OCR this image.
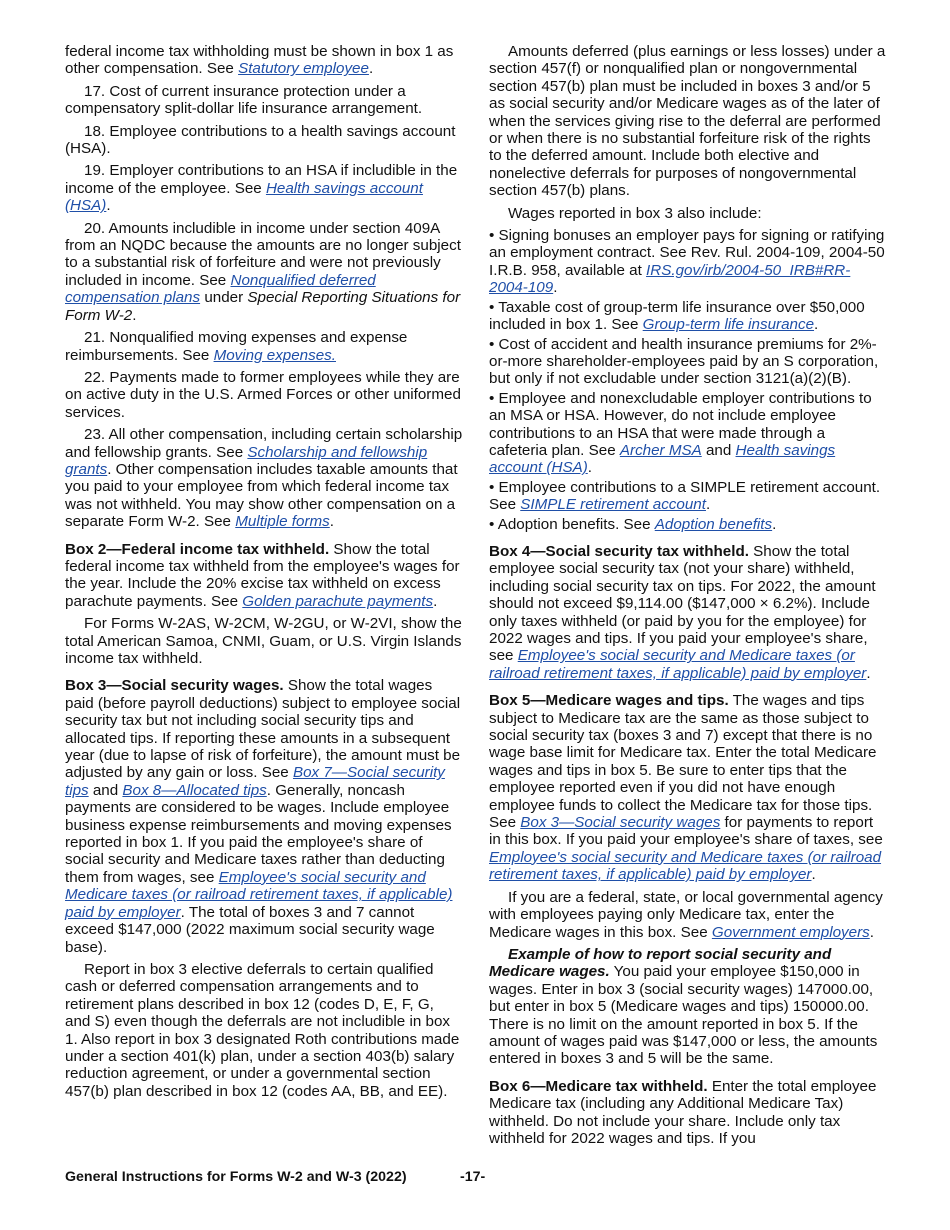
federal income tax withholding must be shown in box 1 as other compensation. See Statutory employee.

17. Cost of current insurance protection under a compensatory split-dollar life insurance arrangement.

18. Employee contributions to a health savings account (HSA).

19. Employer contributions to an HSA if includible in the income of the employee. See Health savings account (HSA).

20. Amounts includible in income under section 409A from an NQDC because the amounts are no longer subject to a substantial risk of forfeiture and were not previously included in income. See Nonqualified deferred compensation plans under Special Reporting Situations for Form W-2.

21. Nonqualified moving expenses and expense reimbursements. See Moving expenses.

22. Payments made to former employees while they are on active duty in the U.S. Armed Forces or other uniformed services.

23. All other compensation, including certain scholarship and fellowship grants. See Scholarship and fellowship grants. Other compensation includes taxable amounts that you paid to your employee from which federal income tax was not withheld. You may show other compensation on a separate Form W-2. See Multiple forms.

Box 2—Federal income tax withheld. Show the total federal income tax withheld from the employee's wages for the year. Include the 20% excise tax withheld on excess parachute payments. See Golden parachute payments.

For Forms W-2AS, W-2CM, W-2GU, or W-2VI, show the total American Samoa, CNMI, Guam, or U.S. Virgin Islands income tax withheld.

Box 3—Social security wages. Show the total wages paid (before payroll deductions) subject to employee social security tax but not including social security tips and allocated tips. If reporting these amounts in a subsequent year (due to lapse of risk of forfeiture), the amount must be adjusted by any gain or loss. See Box 7—Social security tips and Box 8—Allocated tips. Generally, noncash payments are considered to be wages. Include employee business expense reimbursements and moving expenses reported in box 1. If you paid the employee's share of social security and Medicare taxes rather than deducting them from wages, see Employee's social security and Medicare taxes (or railroad retirement taxes, if applicable) paid by employer. The total of boxes 3 and 7 cannot exceed $147,000 (2022 maximum social security wage base).

Report in box 3 elective deferrals to certain qualified cash or deferred compensation arrangements and to retirement plans described in box 12 (codes D, E, F, G, and S) even though the deferrals are not includible in box 1. Also report in box 3 designated Roth contributions made under a section 401(k) plan, under a section 403(b) salary reduction agreement, or under a governmental section 457(b) plan described in box 12 (codes AA, BB, and EE).

Amounts deferred (plus earnings or less losses) under a section 457(f) or nonqualified plan or nongovernmental section 457(b) plan must be included in boxes 3 and/or 5 as social security and/or Medicare wages as of the later of when the services giving rise to the deferral are performed or when there is no substantial forfeiture risk of the rights to the deferred amount. Include both elective and nonelective deferrals for purposes of nongovernmental section 457(b) plans.

Wages reported in box 3 also include:

• Signing bonuses an employer pays for signing or ratifying an employment contract. See Rev. Rul. 2004-109, 2004-50 I.R.B. 958, available at IRS.gov/irb/2004-50_IRB#RR-2004-109.

• Taxable cost of group-term life insurance over $50,000 included in box 1. See Group-term life insurance.

• Cost of accident and health insurance premiums for 2%-or-more shareholder-employees paid by an S corporation, but only if not excludable under section 3121(a)(2)(B).

• Employee and nonexcludable employer contributions to an MSA or HSA. However, do not include employee contributions to an HSA that were made through a cafeteria plan. See Archer MSA and Health savings account (HSA).

• Employee contributions to a SIMPLE retirement account. See SIMPLE retirement account.

• Adoption benefits. See Adoption benefits.

Box 4—Social security tax withheld. Show the total employee social security tax (not your share) withheld, including social security tax on tips. For 2022, the amount should not exceed $9,114.00 ($147,000 × 6.2%). Include only taxes withheld (or paid by you for the employee) for 2022 wages and tips. If you paid your employee's share, see Employee's social security and Medicare taxes (or railroad retirement taxes, if applicable) paid by employer.

Box 5—Medicare wages and tips. The wages and tips subject to Medicare tax are the same as those subject to social security tax (boxes 3 and 7) except that there is no wage base limit for Medicare tax. Enter the total Medicare wages and tips in box 5. Be sure to enter tips that the employee reported even if you did not have enough employee funds to collect the Medicare tax for those tips. See Box 3—Social security wages for payments to report in this box. If you paid your employee's share of taxes, see Employee's social security and Medicare taxes (or railroad retirement taxes, if applicable) paid by employer.

If you are a federal, state, or local governmental agency with employees paying only Medicare tax, enter the Medicare wages in this box. See Government employers.

Example of how to report social security and Medicare wages. You paid your employee $150,000 in wages. Enter in box 3 (social security wages) 147000.00, but enter in box 5 (Medicare wages and tips) 150000.00. There is no limit on the amount reported in box 5. If the amount of wages paid was $147,000 or less, the amounts entered in boxes 3 and 5 will be the same.

Box 6—Medicare tax withheld. Enter the total employee Medicare tax (including any Additional Medicare Tax) withheld. Do not include your share. Include only tax withheld for 2022 wages and tips. If you

General Instructions for Forms W-2 and W-3 (2022)	-17-
